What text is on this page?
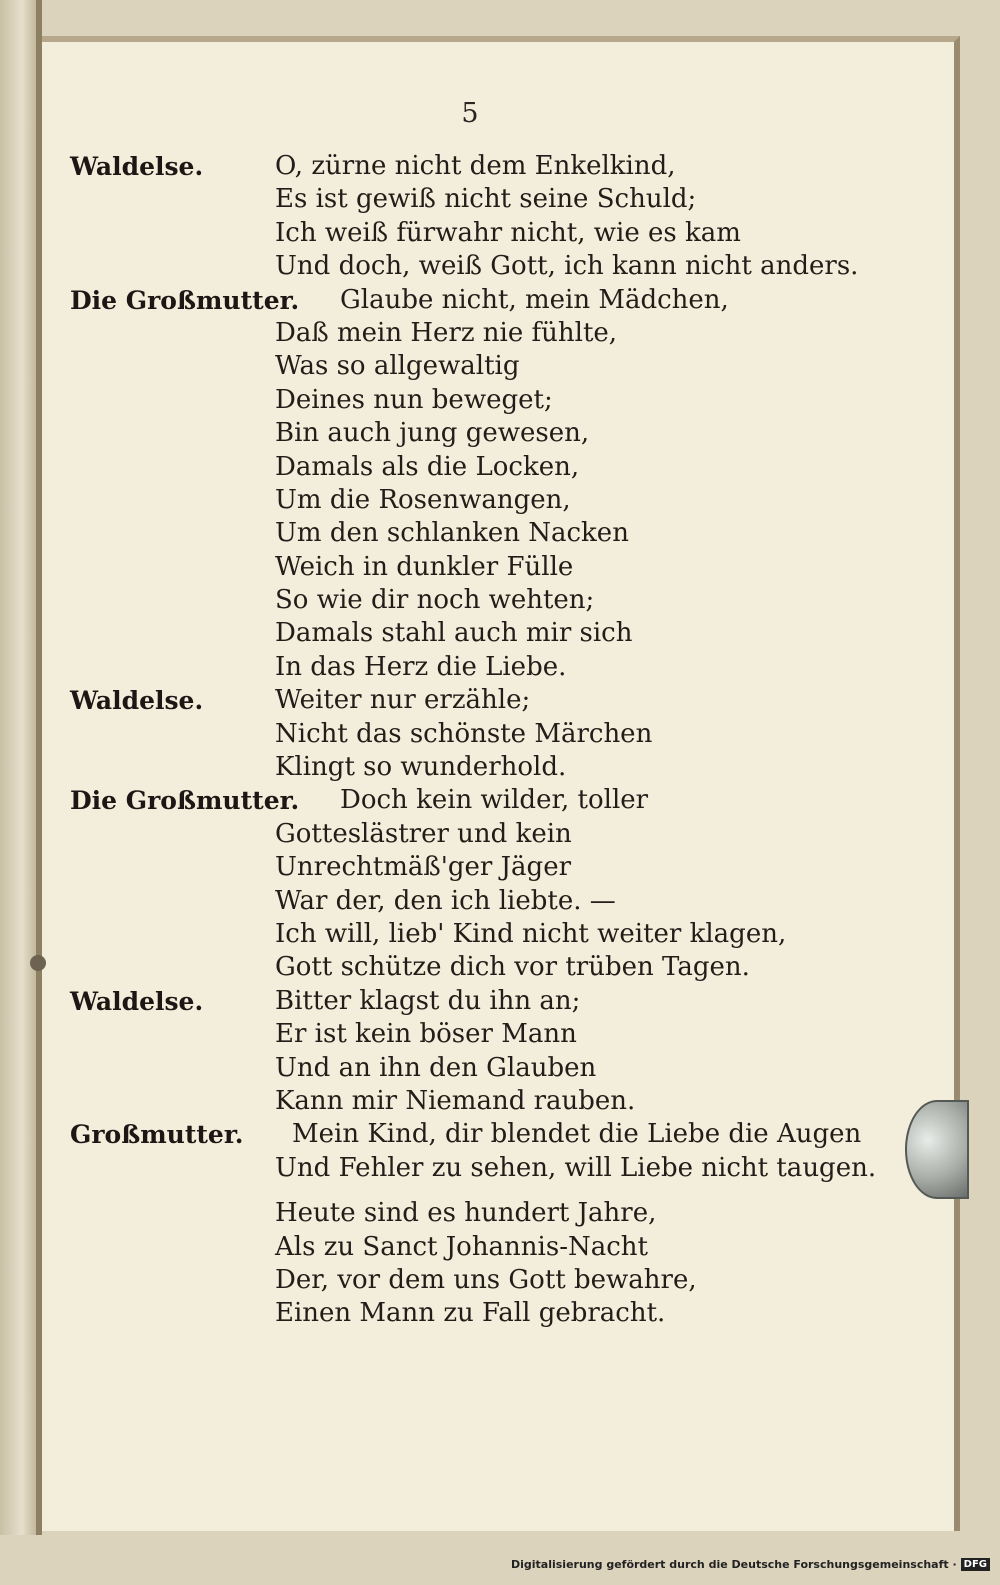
5
Waldelse.	O, zürne nicht dem Enkelkind,
Es ist gewiß nicht seine Schuld;
Ich weiß fürwahr nicht, wie es kam
Und doch, weiß Gott, ich kann nicht anders.
Die Großmutter. Glaube nicht, mein Mädchen,
Daß mein Herz nie fühlte,
Was so allgewaltig
Deines nun beweget;
Bin auch jung gewesen,
Damals als die Locken,
Um die Rosenwangen,
Um den schlanken Nacken
Weich in dunkler Fülle
So wie dir noch wehten;
Damals stahl auch mir sich
In das Herz die Liebe.
Waldelse.	Weiter nur erzähle;
Nicht das schönste Märchen
Klingt so wunderhold.
Die Großmutter. Doch kein wilder, toller
Gotteslästrer und kein
Unrechtmäß'ger Jäger
War der, den ich liebte. —
Ich will, lieb' Kind nicht weiter klagen,
Gott schütze dich vor trüben Tagen.
Waldelse.	Bitter klagst du ihn an;
Er ist kein böser Mann
Und an ihn den Glauben
Kann mir Niemand rauben.
Großmutter. Mein Kind, dir blendet die Liebe die Augen
Und Fehler zu sehen, will Liebe nicht taugen.
Heute sind es hundert Jahre,
Als zu Sanct Johannis-Nacht
Der, vor dem uns Gott bewahre,
Einen Mann zu Fall gebracht.
Digitalisierung gefördert durch die Deutsche Forschungsgemeinschaft · DFG
